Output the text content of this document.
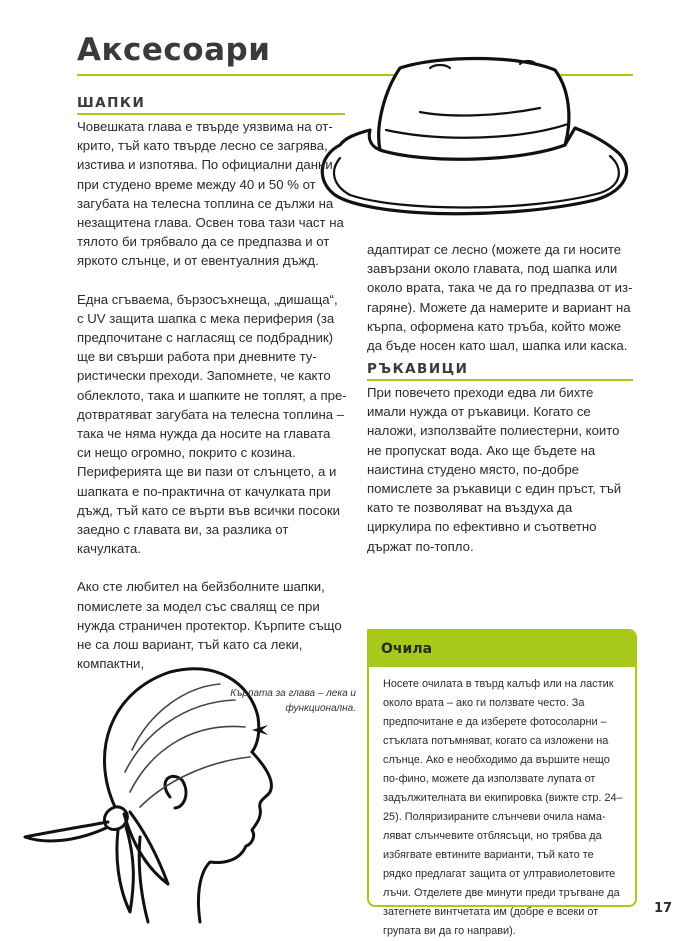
Аксесоари
ШАПКИ

Човешката глава е твърде уязвима на открито, тъй като твърде лесно се загрява, изстива и изпотява. По официални данни при студено време между 40 и 50 % от загубата на телесна топлина се дължи на незащитена глава. Освен това тази част на тялото би трябвало да се предпазва и от яркото слънце, и от евентуалния дъжд.

Една сгъваема, бързосъхнеща, „дишаща“, с UV защита шапка с мека периферия (за предпочитане с нагласящ се подбрадник) ще ви свърши работа при дневните туристически преходи. Запомнете, че както облеклото, така и шапките не топлят, а предотвратяват загубата на телесна топлина – така че няма нужда да носите на главата си нещо огромно, покрито с козина. Периферията ще ви пази от слънцето, а и шапката е по-практична от качулката при дъжд, тъй като се върти във всички посоки заедно с главата ви, за разлика от качулката.

Ако сте любител на бейзболните шапки, помислете за модел със свалящ се при нужда страничен протектор. Кърпите също не са лош вариант, тъй като са леки, компактни,

адаптират се лесно (можете да ги носите завързани около главата, под шапка или около врата, така че да го предпазва от изгаряне). Можете да намерите и вариант на кърпа, оформена като тръба, който може да бъде носен като шал, шапка или каска.
РЪКАВИЦИ
При повечето преходи едва ли бихте имали нужда от ръкавици. Когато се наложи, използвайте полиестерни, които не пропускат вода. Ако ще бъдете на наистина студено място, по-добре помислете за ръкавици с един пръст, тъй като те позволяват на въздуха да циркулира по ефективно и съответно държат по-топло.
Кърпата за глава – лека и функционална.
Очила
Носете очилата в твърд калъф или на ластик около врата – ако ги ползвате често. За предпочитане е да изберете фотосоларни – стъклата потъмняват, когато са изложени на слънце. Ако е необходимо да вършите нещо по-фино, можете да използвате лупата от задължителната ви екипировка (вижте стр. 24–25). Поляризираните слънчеви очила намаляват слънчевите отблясъци, но трябва да избягвате евтините варианти, тъй като те рядко предлагат защита от ултравиолетовите лъчи. Отделете две минути преди тръгване да затегнете винтчетата им (добре е всеки от групата ви да го направи).
17
